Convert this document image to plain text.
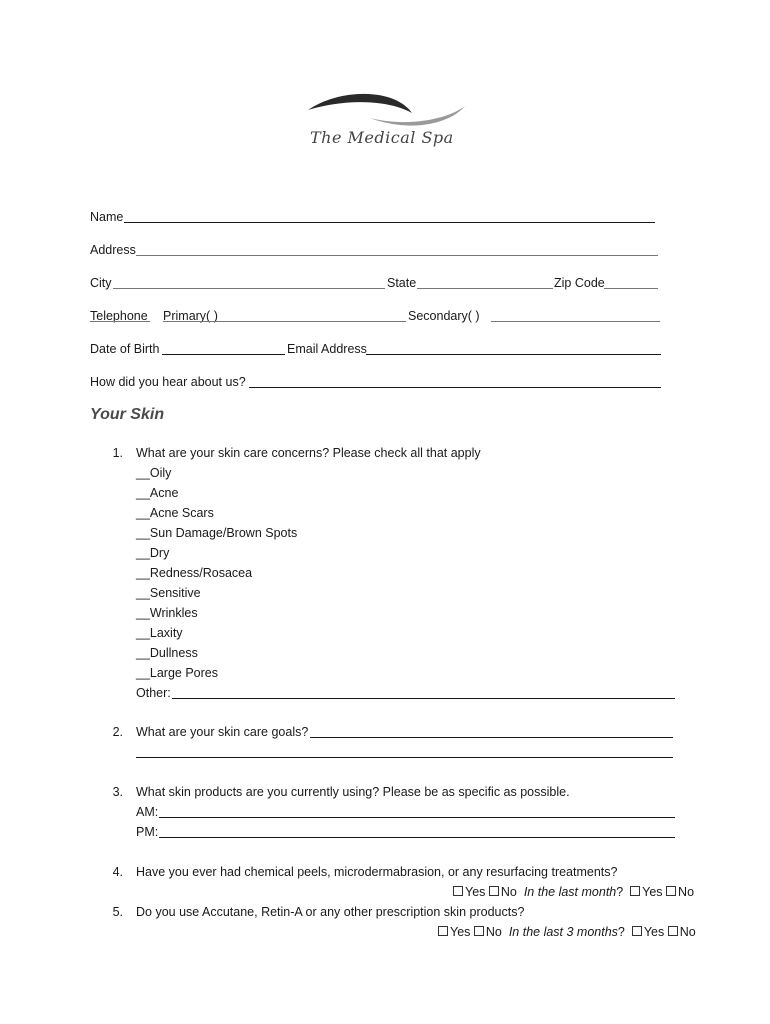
The Medical Spa
Name
Address
City	State	Zip Code
Telephone Primary( )	Secondary( )
Date of Birth	Email Address
How did you hear about us?
Your Skin
1. What are your skin care concerns? Please check all that apply
__Oily
__Acne
__Acne Scars
__Sun Damage/Brown Spots
__Dry
__Redness/Rosacea
__Sensitive
__Wrinkles
__Laxity
__Dullness
__Large Pores
Other:
2. What are your skin care goals?
3. What skin products are you currently using? Please be as specific as possible.
AM:
PM:
4. Have you ever had chemical peels, microdermabrasion, or any resurfacing treatments?
Yes No In the last month? Yes No
5. Do you use Accutane, Retin-A or any other prescription skin products?
Yes No In the last 3 months? Yes No
